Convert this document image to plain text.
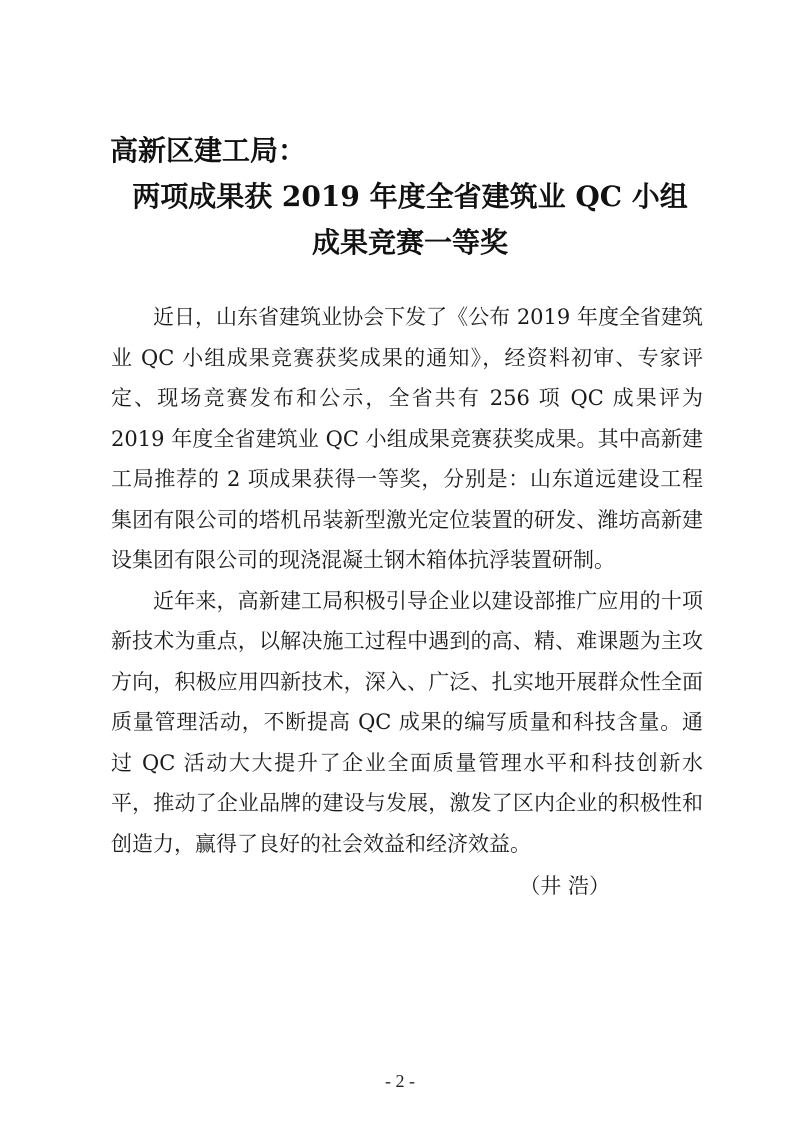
高新区建工局：
两项成果获 2019 年度全省建筑业 QC 小组
成果竞赛一等奖

近日，山东省建筑业协会下发了《公布 2019 年度全省建筑业 QC 小组成果竞赛获奖成果的通知》，经资料初审、专家评定、现场竞赛发布和公示，全省共有 256 项 QC 成果评为 2019 年度全省建筑业 QC 小组成果竞赛获奖成果。其中高新建工局推荐的 2 项成果获得一等奖，分别是：山东道远建设工程集团有限公司的塔机吊装新型激光定位装置的研发、潍坊高新建设集团有限公司的现浇混凝土钢木箱体抗浮装置研制。

近年来，高新建工局积极引导企业以建设部推广应用的十项新技术为重点，以解决施工过程中遇到的高、精、难课题为主攻方向，积极应用四新技术，深入、广泛、扎实地开展群众性全面质量管理活动，不断提高 QC 成果的编写质量和科技含量。通过 QC 活动大大提升了企业全面质量管理水平和科技创新水平，推动了企业品牌的建设与发展，激发了区内企业的积极性和创造力，赢得了良好的社会效益和经济效益。

（井 浩）
- 2 -
